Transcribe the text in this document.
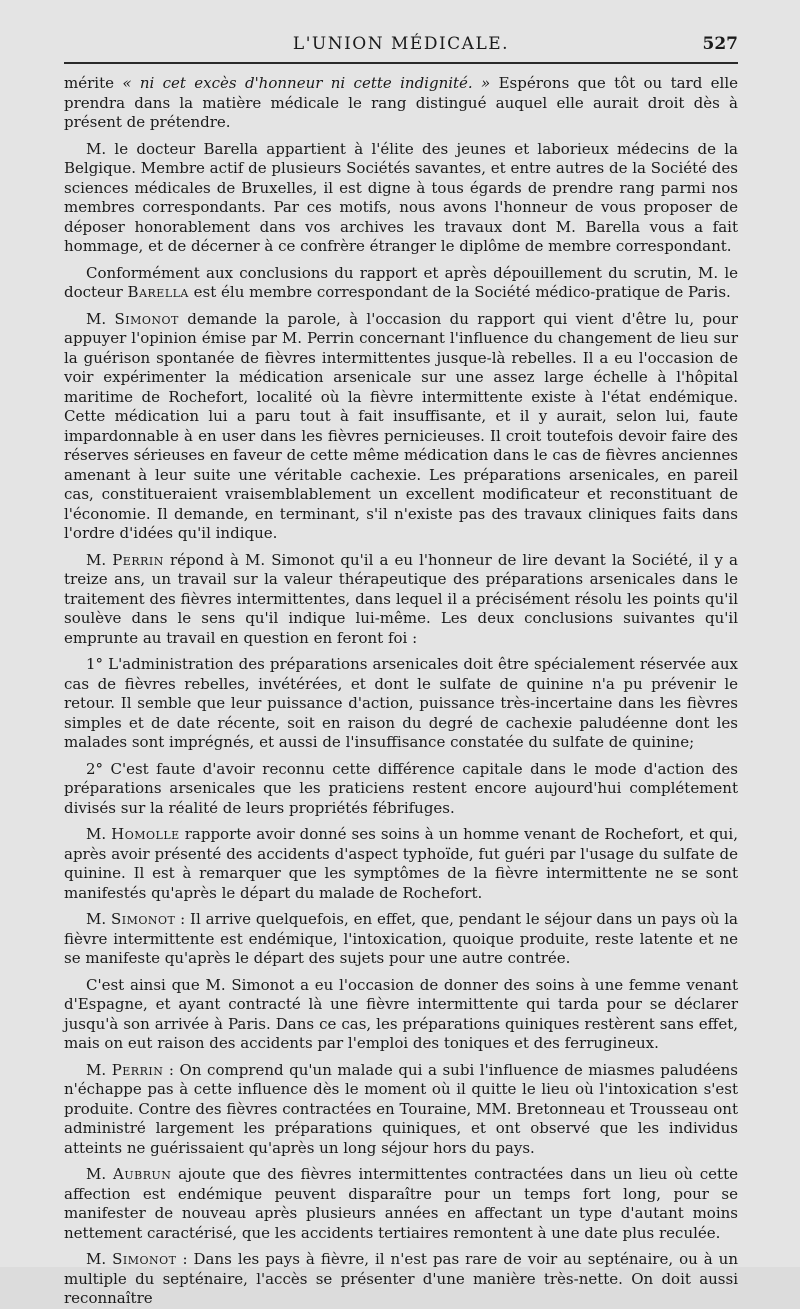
L'UNION MÉDICALE.	527

mérite « ni cet excès d'honneur ni cette indignité. » Espérons que tôt ou tard elle prendra dans la matière médicale le rang distingué auquel elle aurait droit dès à présent de prétendre.

M. le docteur Barella appartient à l'élite des jeunes et laborieux médecins de la Belgique. Membre actif de plusieurs Sociétés savantes, et entre autres de la Société des sciences médicales de Bruxelles, il est digne à tous égards de prendre rang parmi nos membres correspondants. Par ces motifs, nous avons l'honneur de vous proposer de déposer honorablement dans vos archives les travaux dont M. Barella vous a fait hommage, et de décerner à ce confrère étranger le diplôme de membre correspondant.

Conformément aux conclusions du rapport et après dépouillement du scrutin, M. le docteur Barella est élu membre correspondant de la Société médico-pratique de Paris.

M. Simonot demande la parole, à l'occasion du rapport qui vient d'être lu, pour appuyer l'opinion émise par M. Perrin concernant l'influence du changement de lieu sur la guérison spontanée de fièvres intermittentes jusque-là rebelles. Il a eu l'occasion de voir expérimenter la médication arsenicale sur une assez large échelle à l'hôpital maritime de Rochefort, localité où la fièvre intermittente existe à l'état endémique. Cette médication lui a paru tout à fait insuffisante, et il y aurait, selon lui, faute impardonnable à en user dans les fièvres pernicieuses. Il croit toutefois devoir faire des réserves sérieuses en faveur de cette même médication dans le cas de fièvres anciennes amenant à leur suite une véritable cachexie. Les préparations arsenicales, en pareil cas, constitueraient vraisemblablement un excellent modificateur et reconstituant de l'économie. Il demande, en terminant, s'il n'existe pas des travaux cliniques faits dans l'ordre d'idées qu'il indique.

M. Perrin répond à M. Simonot qu'il a eu l'honneur de lire devant la Société, il y a treize ans, un travail sur la valeur thérapeutique des préparations arsenicales dans le traitement des fièvres intermittentes, dans lequel il a précisément résolu les points qu'il soulève dans le sens qu'il indique lui-même. Les deux conclusions suivantes qu'il emprunte au travail en question en feront foi :

1° L'administration des préparations arsenicales doit être spécialement réservée aux cas de fièvres rebelles, invétérées, et dont le sulfate de quinine n'a pu prévenir le retour. Il semble que leur puissance d'action, puissance très-incertaine dans les fièvres simples et de date récente, soit en raison du degré de cachexie paludéenne dont les malades sont imprégnés, et aussi de l'insuffisance constatée du sulfate de quinine;

2° C'est faute d'avoir reconnu cette différence capitale dans le mode d'action des préparations arsenicales que les praticiens restent encore aujourd'hui complétement divisés sur la réalité de leurs propriétés fébrifuges.

M. Homolle rapporte avoir donné ses soins à un homme venant de Rochefort, et qui, après avoir présenté des accidents d'aspect typhoïde, fut guéri par l'usage du sulfate de quinine. Il est à remarquer que les symptômes de la fièvre intermittente ne se sont manifestés qu'après le départ du malade de Rochefort.

M. Simonot : Il arrive quelquefois, en effet, que, pendant le séjour dans un pays où la fièvre intermittente est endémique, l'intoxication, quoique produite, reste latente et ne se manifeste qu'après le départ des sujets pour une autre contrée.

C'est ainsi que M. Simonot a eu l'occasion de donner des soins à une femme venant d'Espagne, et ayant contracté là une fièvre intermittente qui tarda pour se déclarer jusqu'à son arrivée à Paris. Dans ce cas, les préparations quiniques restèrent sans effet, mais on eut raison des accidents par l'emploi des toniques et des ferrugineux.

M. Perrin : On comprend qu'un malade qui a subi l'influence de miasmes paludéens n'échappe pas à cette influence dès le moment où il quitte le lieu où l'intoxication s'est produite. Contre des fièvres contractées en Touraine, MM. Bretonneau et Trousseau ont administré largement les préparations quiniques, et ont observé que les individus atteints ne guérissaient qu'après un long séjour hors du pays.

M. Aubrun ajoute que des fièvres intermittentes contractées dans un lieu où cette affection est endémique peuvent disparaître pour un temps fort long, pour se manifester de nouveau après plusieurs années en affectant un type d'autant moins nettement caractérisé, que les accidents tertiaires remontent à une date plus reculée.

M. Simonot : Dans les pays à fièvre, il n'est pas rare de voir au septénaire, ou à un multiple du septénaire, l'accès se présenter d'une manière très-nette. On doit aussi reconnaître
